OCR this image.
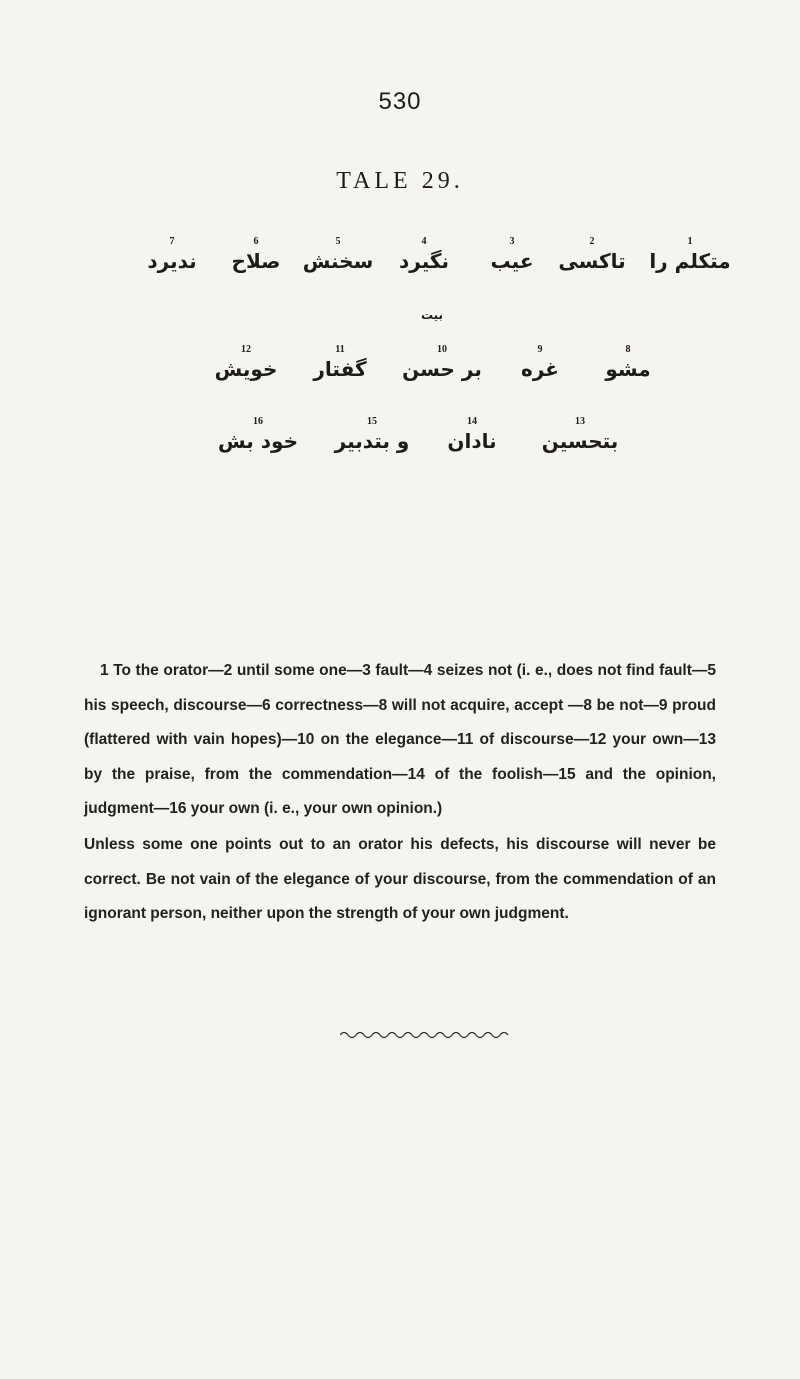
530
TALE 29.
1
ﻣﺘﻜﻠﻢ ﺭﺍ
2
ﺗﺎﻛﺴﻰ
3
ﻋﻴﺐ
4
ﻧﮕﻴﺮﺩ
5
ﺳﺨﻨﺶ
6
ﺻﻼﺡ
7
ﻧﺪﻳﺮﺩ
ﺑﻴﺖ
8
ﻣﺸﻮ
9
ﻏﺮﻩ
10
ﺑﺮ ﺣﺴﻦ
11
ﮔﻔﺘﺎﺭ
12
ﺧﻮﻳﺶ
13
ﺑﺘﺤﺴﻴﻦ
14
ﻧﺎﺩﺍﻥ
15
ﻭ ﺑﺘﺪﺑﻴﺮ
16
ﺧﻮﺩ ﺑﺶ

1 To the orator—2 until some one—3 fault—4 seizes not (i. e., does not find fault—5 his speech, discourse—6 correctness—8 will not acquire, accept —8 be not—9 proud (flattered with vain hopes)—10 on the elegance—11 of discourse—12 your own—13 by the praise, from the commendation—14 of the foolish—15 and the opinion, judgment—16 your own (i. e., your own opinion.)

Unless some one points out to an orator his defects, his discourse will never be correct. Be not vain of the elegance of your discourse, from the commendation of an ignorant person, neither upon the strength of your own judgment.
